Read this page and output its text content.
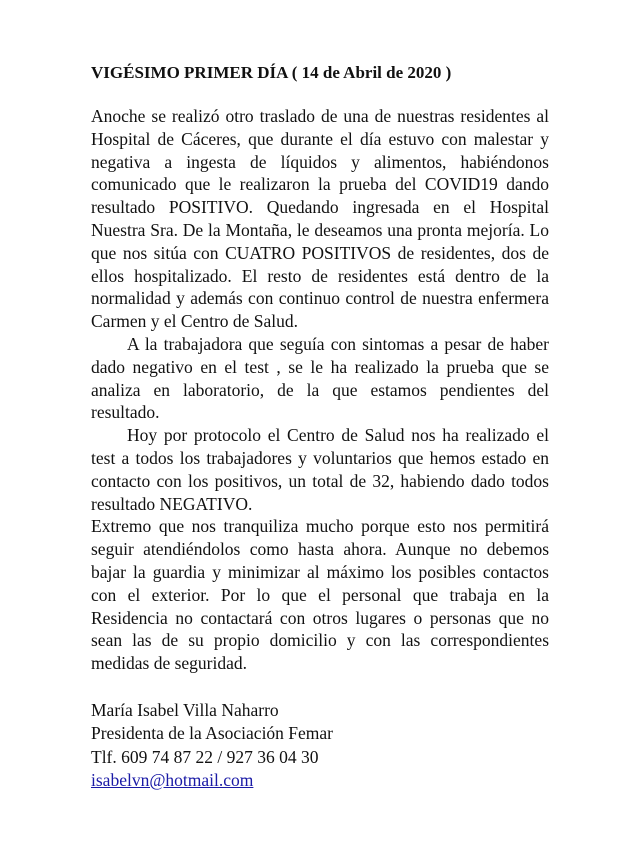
VIGÉSIMO PRIMER DÍA ( 14 de Abril de 2020 )

Anoche se realizó otro traslado de una de nuestras residentes al Hospital de Cáceres, que durante el día estuvo con malestar y negativa a ingesta de líquidos y alimentos, habiéndonos comunicado que le realizaron la prueba del COVID19 dando resultado POSITIVO. Quedando ingresada en el Hospital Nuestra Sra. De la Montaña, le deseamos una pronta mejoría. Lo que nos sitúa con CUATRO POSITIVOS de residentes, dos de ellos hospitalizado. El resto de residentes está dentro de la normalidad y además con continuo control de nuestra enfermera Carmen y el Centro de Salud.

A la trabajadora que seguía con sintomas a pesar de haber dado negativo en el test , se le ha realizado la prueba que se analiza en laboratorio, de la que estamos pendientes del resultado.

Hoy por protocolo el Centro de Salud nos ha realizado el test a todos los trabajadores y voluntarios que hemos estado en contacto con los positivos, un total de 32, habiendo dado todos resultado NEGATIVO.

Extremo que nos tranquiliza mucho porque esto nos permitirá seguir atendiéndolos como hasta ahora. Aunque no debemos bajar la guardia y minimizar al máximo los posibles contactos con el exterior. Por lo que el personal que trabaja en la Residencia no contactará con otros lugares o personas que no sean las de su propio domicilio y con las correspondientes medidas de seguridad.

María Isabel Villa Naharro
Presidenta de la Asociación Femar
Tlf. 609 74 87 22 / 927 36 04 30
isabelvn@hotmail.com
